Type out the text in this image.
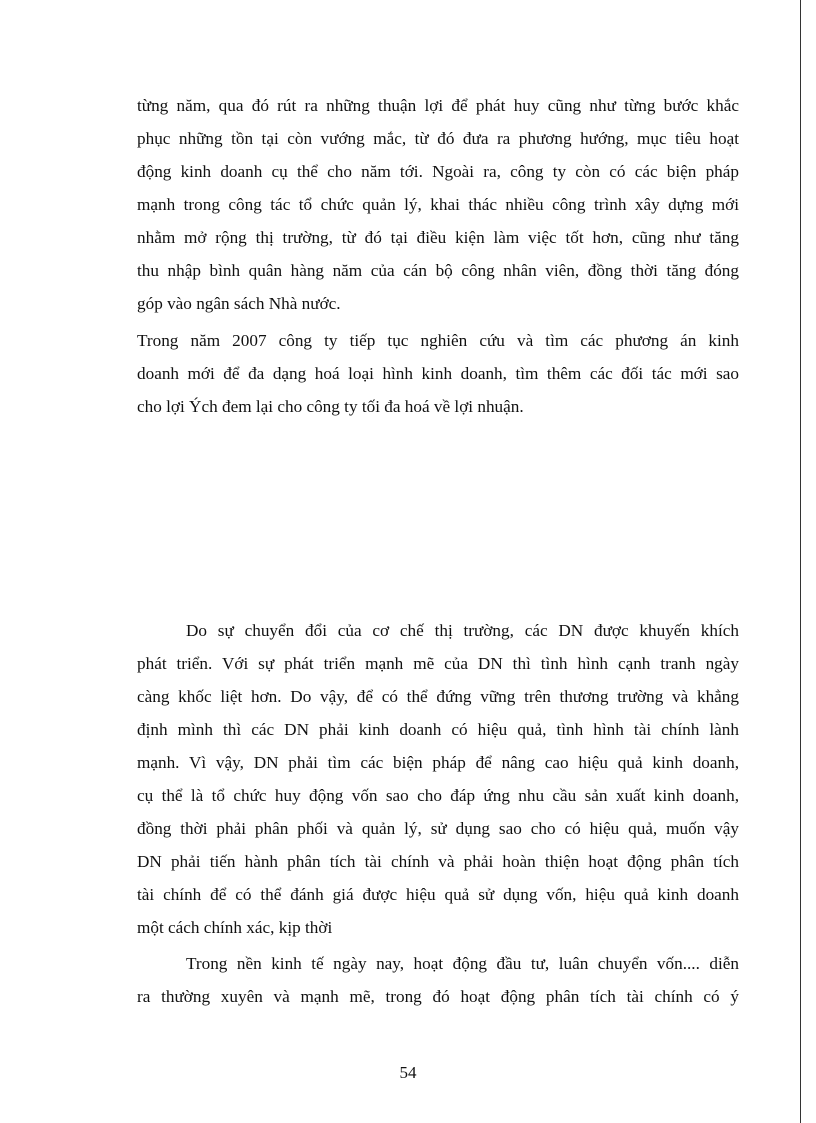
từng năm, qua đó rút ra những thuận lợi để phát huy cũng như từng bước khắc
phục những tồn tại còn vướng mắc, từ đó đưa ra phương hướng, mục tiêu hoạt
động kinh doanh cụ thể cho năm tới. Ngoài ra, công ty còn có các biện pháp
mạnh trong công tác tổ chức quản lý, khai thác nhiều công trình xây dựng mới
nhằm mở rộng thị trường, từ đó tại điều kiện làm việc tốt hơn, cũng như tăng
thu nhập bình quân hàng năm của cán bộ công nhân viên, đồng thời tăng đóng
góp vào ngân sách Nhà nước.
Trong năm 2007 công ty tiếp tục nghiên cứu và tìm các phương án kinh
doanh mới để đa dạng hoá loại hình kinh doanh, tìm thêm các đối tác mới sao
cho lợi Ých đem lại cho công ty tối đa hoá về lợi nhuận.
Do sự chuyển đổi của cơ chế thị trường, các DN được khuyến khích
phát triển. Với sự phát triển mạnh mẽ của DN thì tình hình cạnh tranh ngày
càng khốc liệt hơn. Do vậy, để có thể đứng vững trên thương trường và khẳng
định mình thì các DN phải kinh doanh có hiệu quả, tình hình tài chính lành
mạnh. Vì vậy, DN phải tìm các biện pháp để nâng cao hiệu quả kinh doanh,
cụ thể là tổ chức huy động vốn sao cho đáp ứng nhu cầu sản xuất kinh doanh,
đồng thời phải phân phối và quản lý, sử dụng sao cho có hiệu quả, muốn vậy
DN phải tiến hành phân tích tài chính và phải hoàn thiện hoạt động phân tích
tài chính để có thể đánh giá được hiệu quả sử dụng vốn, hiệu quả kinh doanh
một cách chính xác, kịp thời
Trong nền kinh tế ngày nay, hoạt động đầu tư, luân chuyển vốn.... diễn
ra thường xuyên và mạnh mẽ, trong đó hoạt động phân tích tài chính có ý
54
